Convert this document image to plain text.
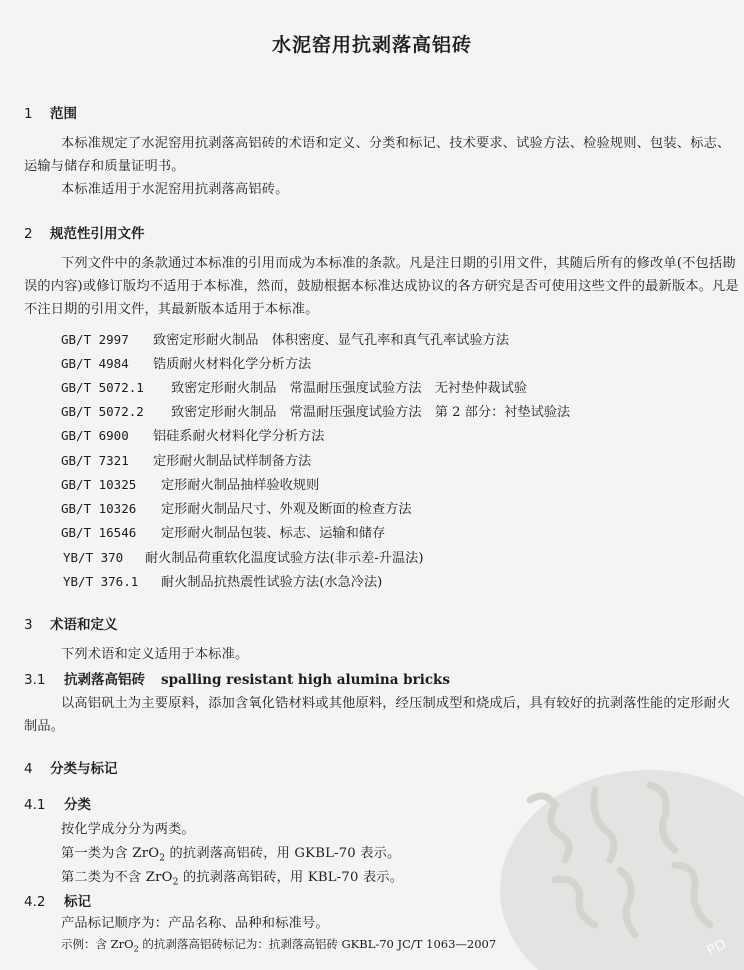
水泥窑用抗剥落高铝砖
1 范围
本标准规定了水泥窑用抗剥落高铝砖的术语和定义、分类和标记、技术要求、试验方法、检验规则、包装、标志、运输与储存和质量证明书。
本标准适用于水泥窑用抗剥落高铝砖。
2 规范性引用文件
下列文件中的条款通过本标准的引用而成为本标准的条款。凡是注日期的引用文件，其随后所有的修改单(不包括勘误的内容)或修订版均不适用于本标准，然而，鼓励根据本标准达成协议的各方研究是否可使用这些文件的最新版本。凡是不注日期的引用文件，其最新版本适用于本标准。
GB/T 2997 致密定形耐火制品　体积密度、显气孔率和真气孔率试验方法
GB/T 4984 锆质耐火材料化学分析方法
GB/T 5072.1 致密定形耐火制品　常温耐压强度试验方法　无衬垫仲裁试验
GB/T 5072.2 致密定形耐火制品　常温耐压强度试验方法　第 2 部分：衬垫试验法
GB/T 6900 铝硅系耐火材料化学分析方法
GB/T 7321 定形耐火制品试样制备方法
GB/T 10325 定形耐火制品抽样验收规则
GB/T 10326 定形耐火制品尺寸、外观及断面的检查方法
GB/T 16546 定形耐火制品包装、标志、运输和储存
YB/T 370 耐火制品荷重软化温度试验方法(非示差-升温法)
YB/T 376.1 耐火制品抗热震性试验方法(水急冷法)
3 术语和定义
下列术语和定义适用于本标准。
3.1 抗剥落高铝砖 spalling resistant high alumina bricks
以高铝矾土为主要原料，添加含氧化锆材料或其他原料，经压制成型和烧成后，具有较好的抗剥落性能的定形耐火制品。
4 分类与标记
4.1 分类
按化学成分分为两类。
第一类为含 ZrO$_2$ 的抗剥落高铝砖，用 GKBL-70 表示。
第二类为不含 ZrO$_2$ 的抗剥落高铝砖，用 KBL-70 表示。
4.2 标记
产品标记顺序为：产品名称、品种和标准号。
示例：含 ZrO$_2$ 的抗剥落高铝砖标记为：抗剥落高铝砖 GKBL-70 JC/T 1063—2007	PD
